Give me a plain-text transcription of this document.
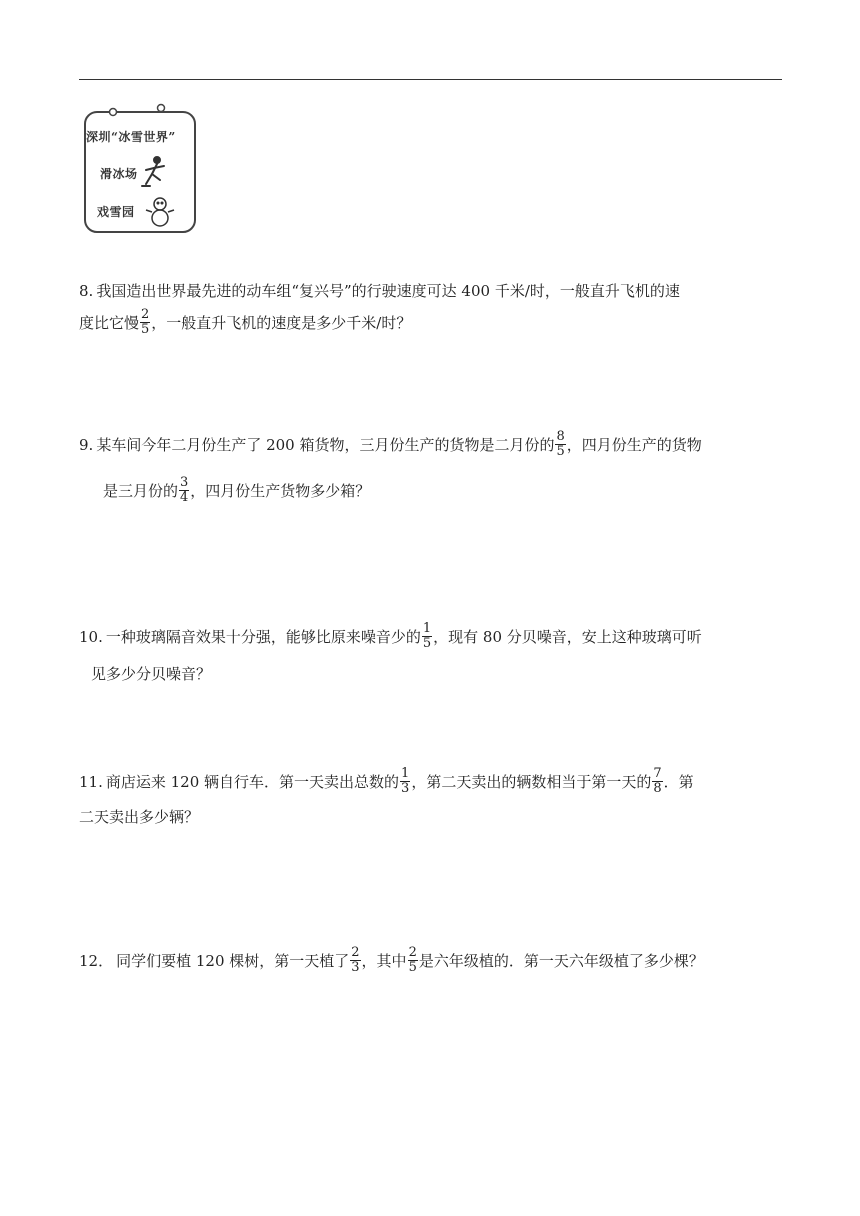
深圳“冰雪世界”
滑冰场
戏雪园
8. 我国造出世界最先进的动车组“复兴号”的行驶速度可达 400 千米/时，一般直升飞机的速
度比它慢 $\frac{2}{5}$ ，一般直升飞机的速度是多少千米/时？
9. 某车间今年二月份生产了 200 箱货物，三月份生产的货物是二月份的 $\frac{8}{5}$ ，四月份生产的货物
是三月份的 $\frac{3}{4}$ ，四月份生产货物多少箱？
10. 一种玻璃隔音效果十分强，能够比原来噪音少的 $\frac{1}{5}$ ，现有 80 分贝噪音，安上这种玻璃可听
见多少分贝噪音？
11. 商店运来 120 辆自行车．第一天卖出总数的 $\frac{1}{3}$ ，第二天卖出的辆数相当于第一天的 $\frac{7}{8}$ ．第
二天卖出多少辆？
12． 同学们要植 120 棵树，第一天植了 $\frac{2}{3}$ ，其中 $\frac{2}{5}$ 是六年级植的．第一天六年级植了多少棵？
